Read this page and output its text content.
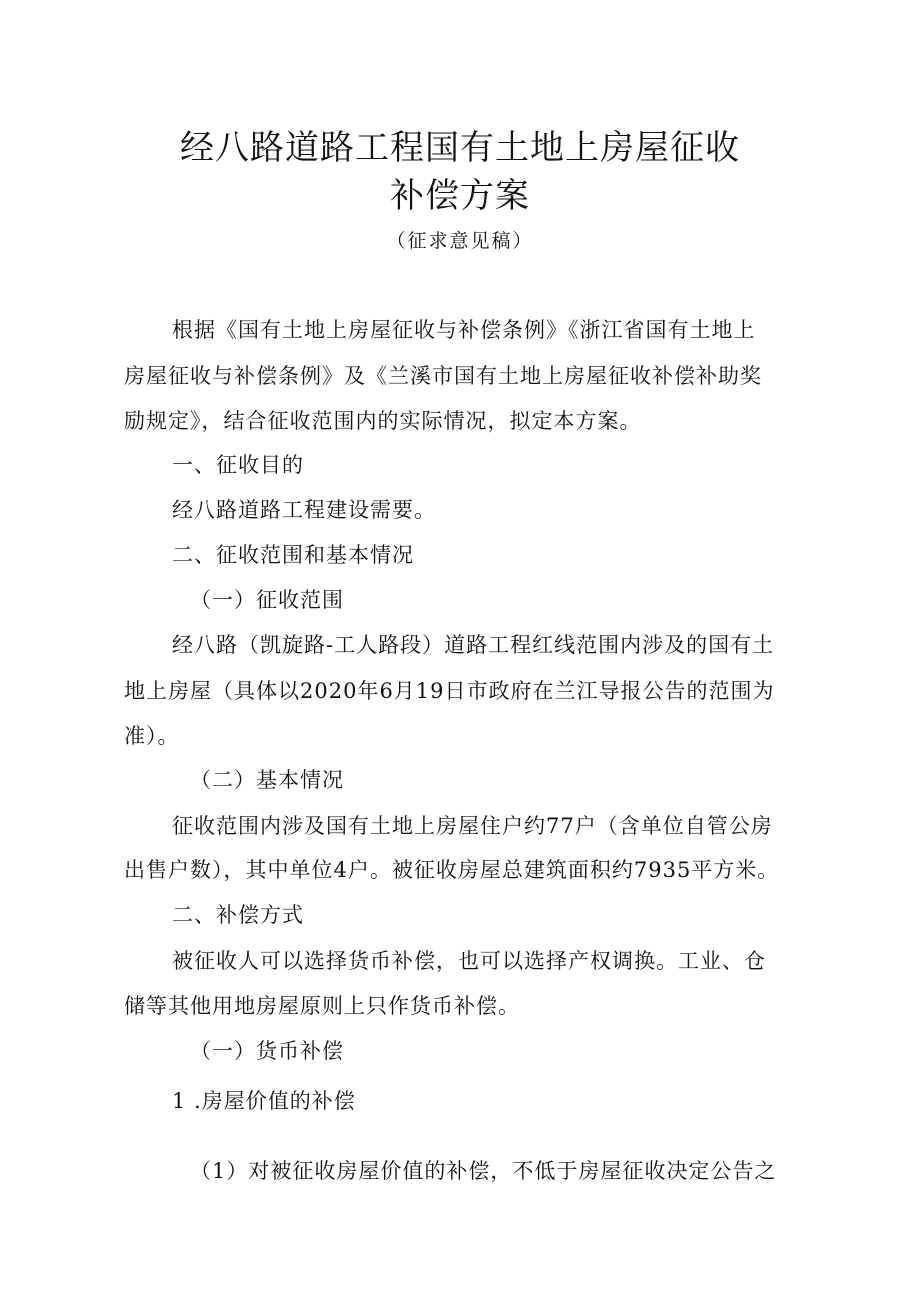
经八路道路工程国有土地上房屋征收
补偿方案
（征求意见稿）
根据《国有土地上房屋征收与补偿条例》《浙江省国有土地上
房屋征收与补偿条例》及《兰溪市国有土地上房屋征收补偿补助奖
励规定》，结合征收范围内的实际情况，拟定本方案。
一、征收目的
经八路道路工程建设需要。
二、征收范围和基本情况
（一）征收范围
经八路（凯旋路-工人路段）道路工程红线范围内涉及的国有土
地上房屋（具体以2020年6月19日市政府在兰江导报公告的范围为
准）。
（二）基本情况
征收范围内涉及国有土地上房屋住户约77户（含单位自管公房
出售户数），其中单位4户。被征收房屋总建筑面积约7935平方米。
二、补偿方式
被征收人可以选择货币补偿，也可以选择产权调换。工业、仓
储等其他用地房屋原则上只作货币补偿。
（一）货币补偿
1 .房屋价值的补偿
（1）对被征收房屋价值的补偿，不低于房屋征收决定公告之
